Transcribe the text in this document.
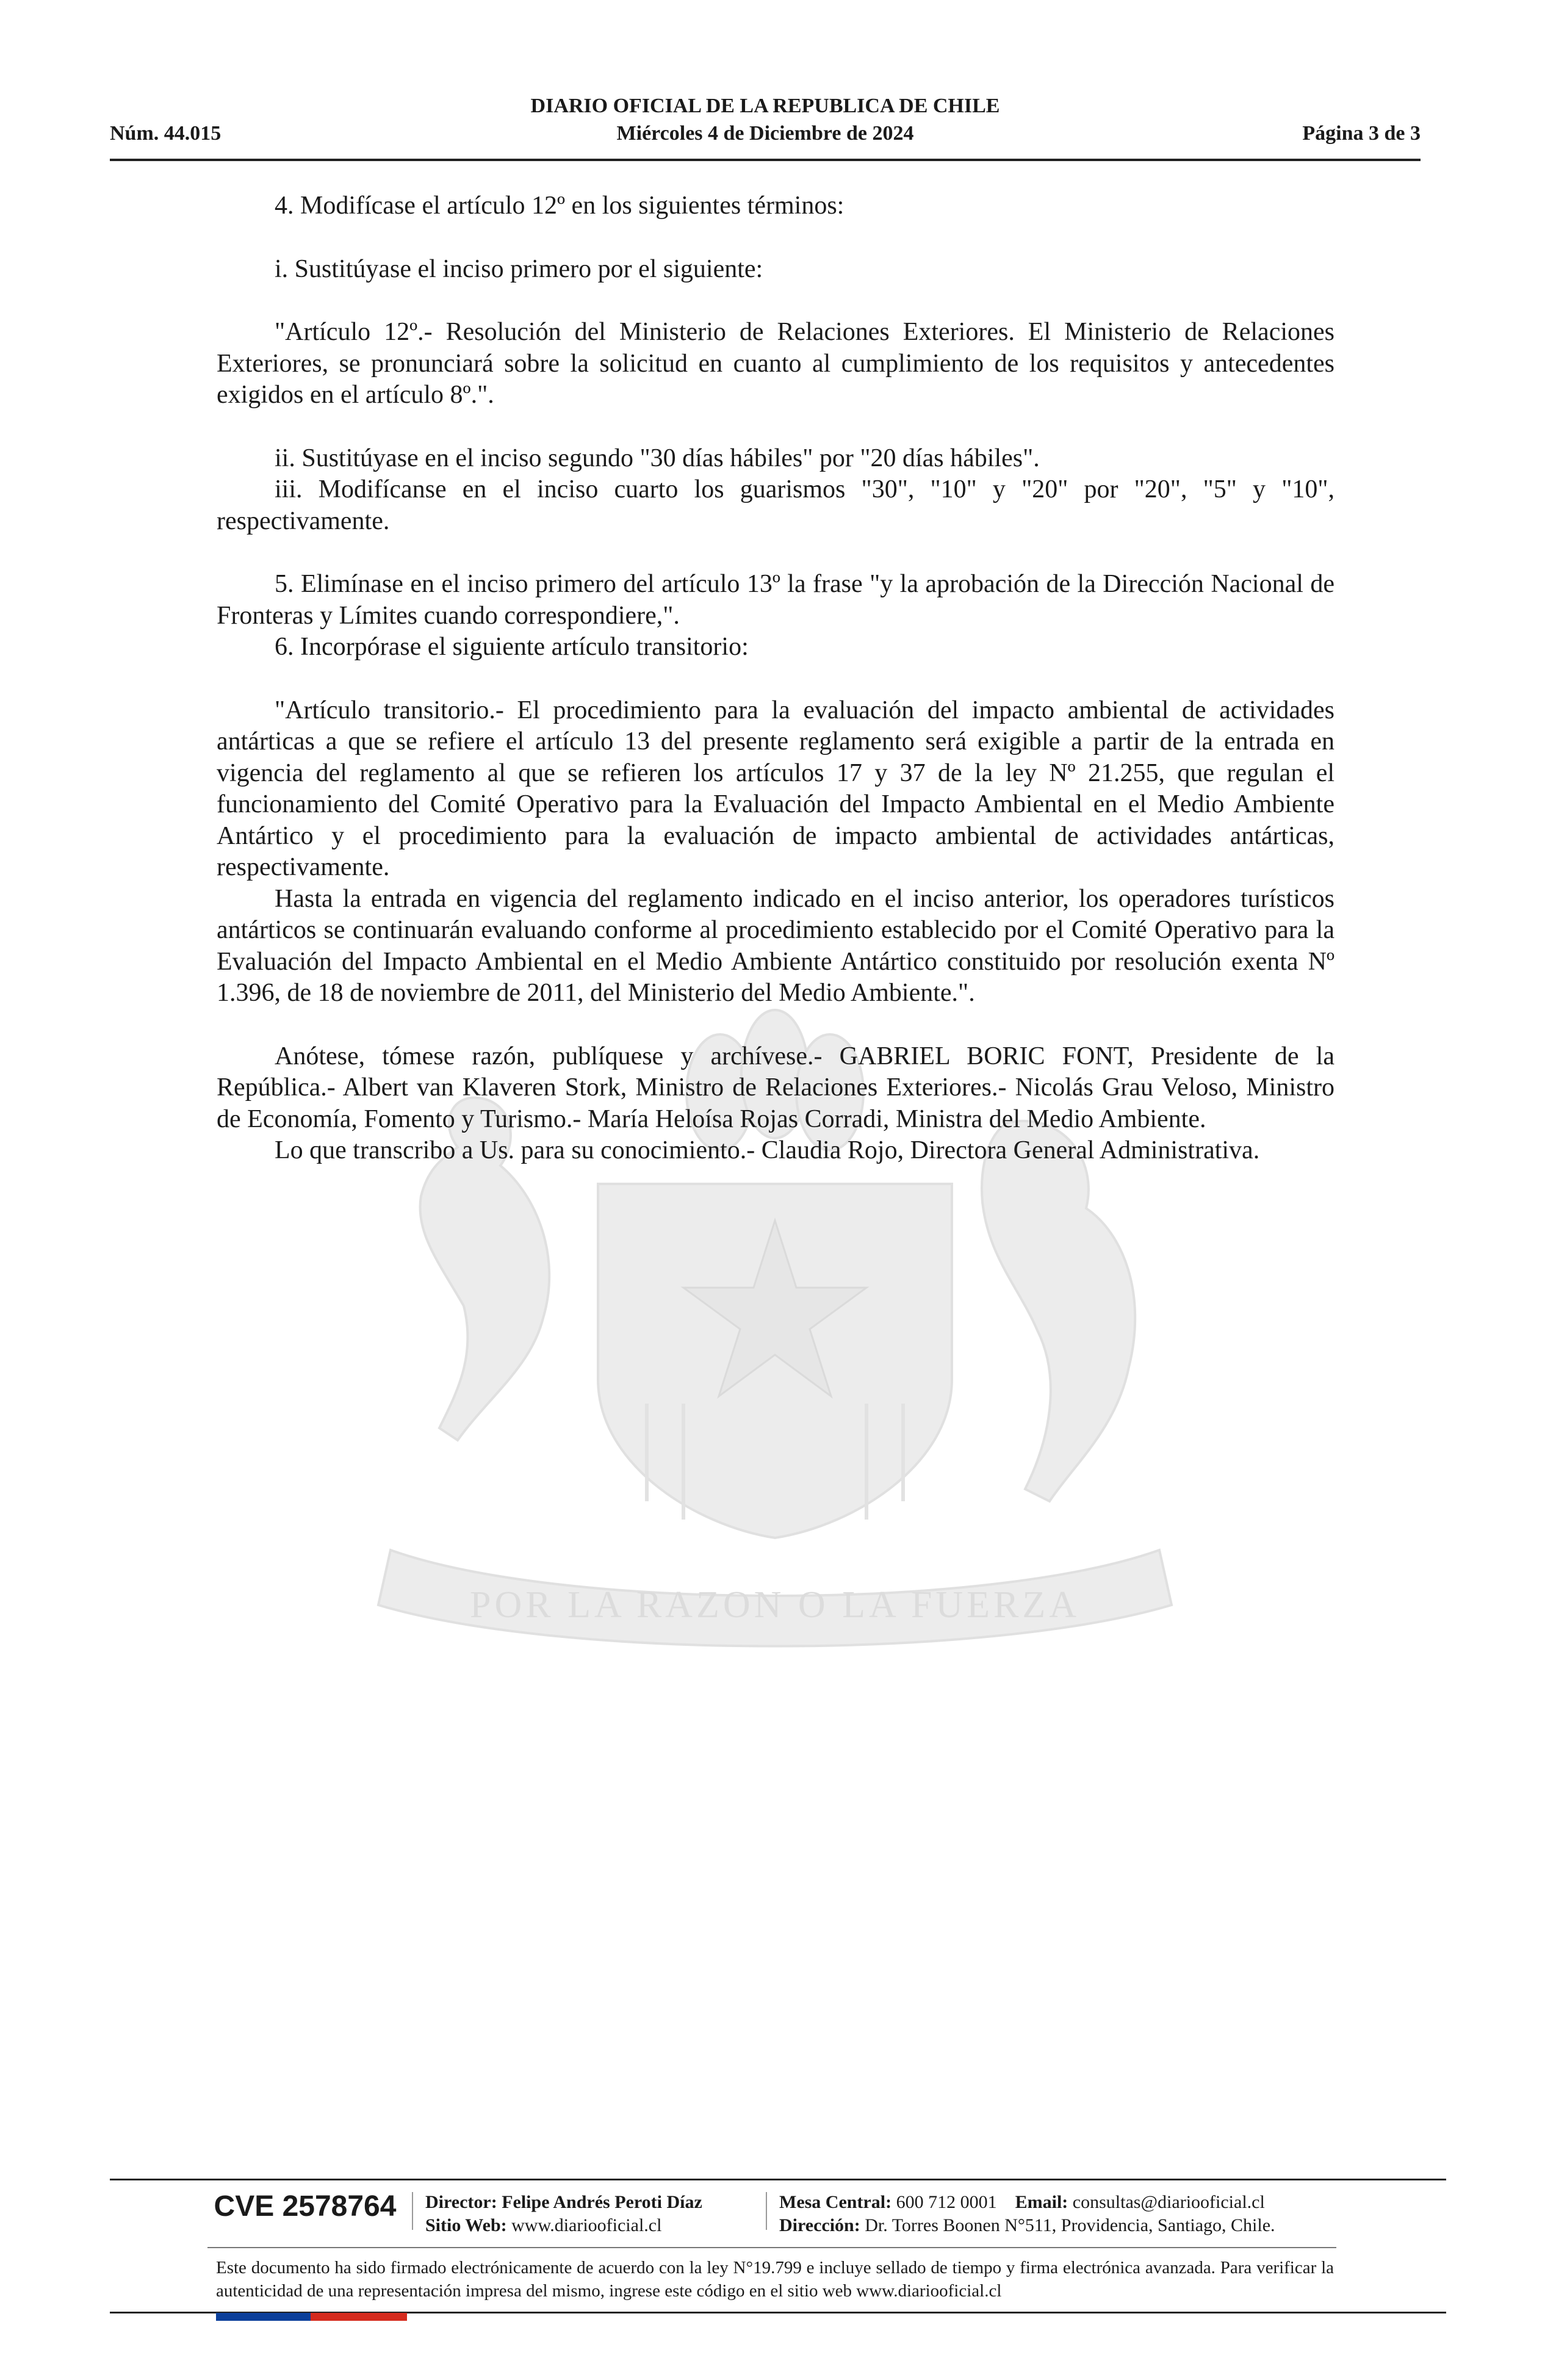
POR LA RAZON O LA FUERZA
DIARIO OFICIAL DE LA REPUBLICA DE CHILE
Núm. 44.015	Miércoles 4 de Diciembre de 2024	Página 3 de 3

4. Modifícase el artículo 12º en los siguientes términos:

i. Sustitúyase el inciso primero por el siguiente:

"Artículo 12º.- Resolución del Ministerio de Relaciones Exteriores. El Ministerio de Relaciones Exteriores, se pronunciará sobre la solicitud en cuanto al cumplimiento de los requisitos y antecedentes exigidos en el artículo 8º.".

ii. Sustitúyase en el inciso segundo "30 días hábiles" por "20 días hábiles".

iii. Modifícanse en el inciso cuarto los guarismos "30", "10" y "20" por "20", "5" y "10", respectivamente.

5. Elimínase en el inciso primero del artículo 13º la frase "y la aprobación de la Dirección Nacional de Fronteras y Límites cuando correspondiere,".

6. Incorpórase el siguiente artículo transitorio:

"Artículo transitorio.- El procedimiento para la evaluación del impacto ambiental de actividades antárticas a que se refiere el artículo 13 del presente reglamento será exigible a partir de la entrada en vigencia del reglamento al que se refieren los artículos 17 y 37 de la ley Nº 21.255, que regulan el funcionamiento del Comité Operativo para la Evaluación del Impacto Ambiental en el Medio Ambiente Antártico y el procedimiento para la evaluación de impacto ambiental de actividades antárticas, respectivamente.

Hasta la entrada en vigencia del reglamento indicado en el inciso anterior, los operadores turísticos antárticos se continuarán evaluando conforme al procedimiento establecido por el Comité Operativo para la Evaluación del Impacto Ambiental en el Medio Ambiente Antártico constituido por resolución exenta Nº 1.396, de 18 de noviembre de 2011, del Ministerio del Medio Ambiente.".

Anótese, tómese razón, publíquese y archívese.- GABRIEL BORIC FONT, Presidente de la República.- Albert van Klaveren Stork, Ministro de Relaciones Exteriores.- Nicolás Grau Veloso, Ministro de Economía, Fomento y Turismo.- María Heloísa Rojas Corradi, Ministra del Medio Ambiente.

Lo que transcribo a Us. para su conocimiento.- Claudia Rojo, Directora General Administrativa.

CVE 2578764	Director: Felipe Andrés Peroti Díaz
Sitio Web: www.diariooficial.cl
Mesa Central: 600 712 0001 Email: consultas@diariooficial.cl
Dirección: Dr. Torres Boonen N°511, Providencia, Santiago, Chile.
Este documento ha sido firmado electrónicamente de acuerdo con la ley N°19.799 e incluye sellado de tiempo y firma electrónica avanzada. Para verificar la autenticidad de una representación impresa del mismo, ingrese este código en el sitio web www.diariooficial.cl
